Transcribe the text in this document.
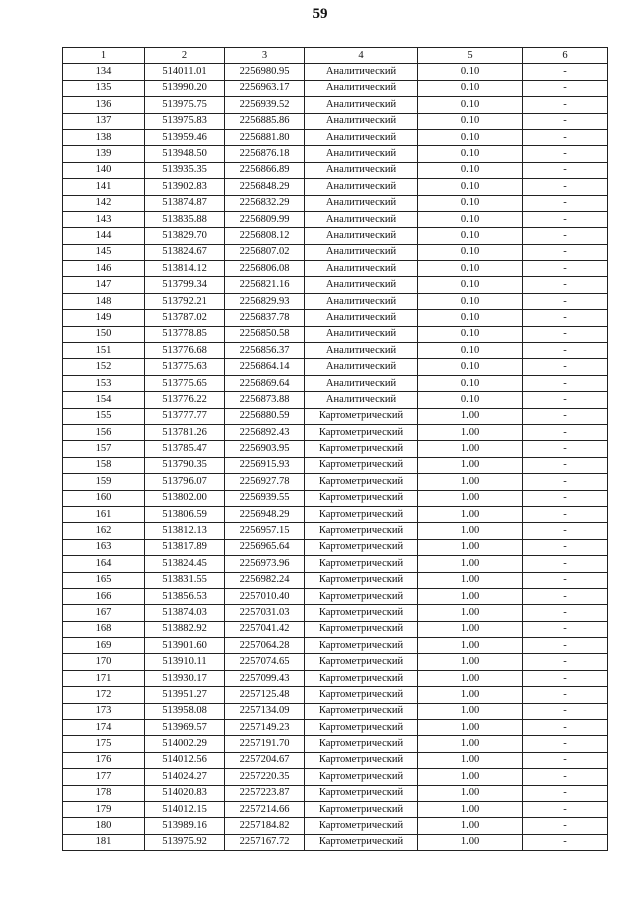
59
1	2	3	4	5	6
134	514011.01	2256980.95	Аналитический	0.10	-
135	513990.20	2256963.17	Аналитический	0.10	-
136	513975.75	2256939.52	Аналитический	0.10	-
137	513975.83	2256885.86	Аналитический	0.10	-
138	513959.46	2256881.80	Аналитический	0.10	-
139	513948.50	2256876.18	Аналитический	0.10	-
140	513935.35	2256866.89	Аналитический	0.10	-
141	513902.83	2256848.29	Аналитический	0.10	-
142	513874.87	2256832.29	Аналитический	0.10	-
143	513835.88	2256809.99	Аналитический	0.10	-
144	513829.70	2256808.12	Аналитический	0.10	-
145	513824.67	2256807.02	Аналитический	0.10	-
146	513814.12	2256806.08	Аналитический	0.10	-
147	513799.34	2256821.16	Аналитический	0.10	-
148	513792.21	2256829.93	Аналитический	0.10	-
149	513787.02	2256837.78	Аналитический	0.10	-
150	513778.85	2256850.58	Аналитический	0.10	-
151	513776.68	2256856.37	Аналитический	0.10	-
152	513775.63	2256864.14	Аналитический	0.10	-
153	513775.65	2256869.64	Аналитический	0.10	-
154	513776.22	2256873.88	Аналитический	0.10	-
155	513777.77	2256880.59	Картометрический	1.00	-
156	513781.26	2256892.43	Картометрический	1.00	-
157	513785.47	2256903.95	Картометрический	1.00	-
158	513790.35	2256915.93	Картометрический	1.00	-
159	513796.07	2256927.78	Картометрический	1.00	-
160	513802.00	2256939.55	Картометрический	1.00	-
161	513806.59	2256948.29	Картометрический	1.00	-
162	513812.13	2256957.15	Картометрический	1.00	-
163	513817.89	2256965.64	Картометрический	1.00	-
164	513824.45	2256973.96	Картометрический	1.00	-
165	513831.55	2256982.24	Картометрический	1.00	-
166	513856.53	2257010.40	Картометрический	1.00	-
167	513874.03	2257031.03	Картометрический	1.00	-
168	513882.92	2257041.42	Картометрический	1.00	-
169	513901.60	2257064.28	Картометрический	1.00	-
170	513910.11	2257074.65	Картометрический	1.00	-
171	513930.17	2257099.43	Картометрический	1.00	-
172	513951.27	2257125.48	Картометрический	1.00	-
173	513958.08	2257134.09	Картометрический	1.00	-
174	513969.57	2257149.23	Картометрический	1.00	-
175	514002.29	2257191.70	Картометрический	1.00	-
176	514012.56	2257204.67	Картометрический	1.00	-
177	514024.27	2257220.35	Картометрический	1.00	-
178	514020.83	2257223.87	Картометрический	1.00	-
179	514012.15	2257214.66	Картометрический	1.00	-
180	513989.16	2257184.82	Картометрический	1.00	-
181	513975.92	2257167.72	Картометрический	1.00	-
